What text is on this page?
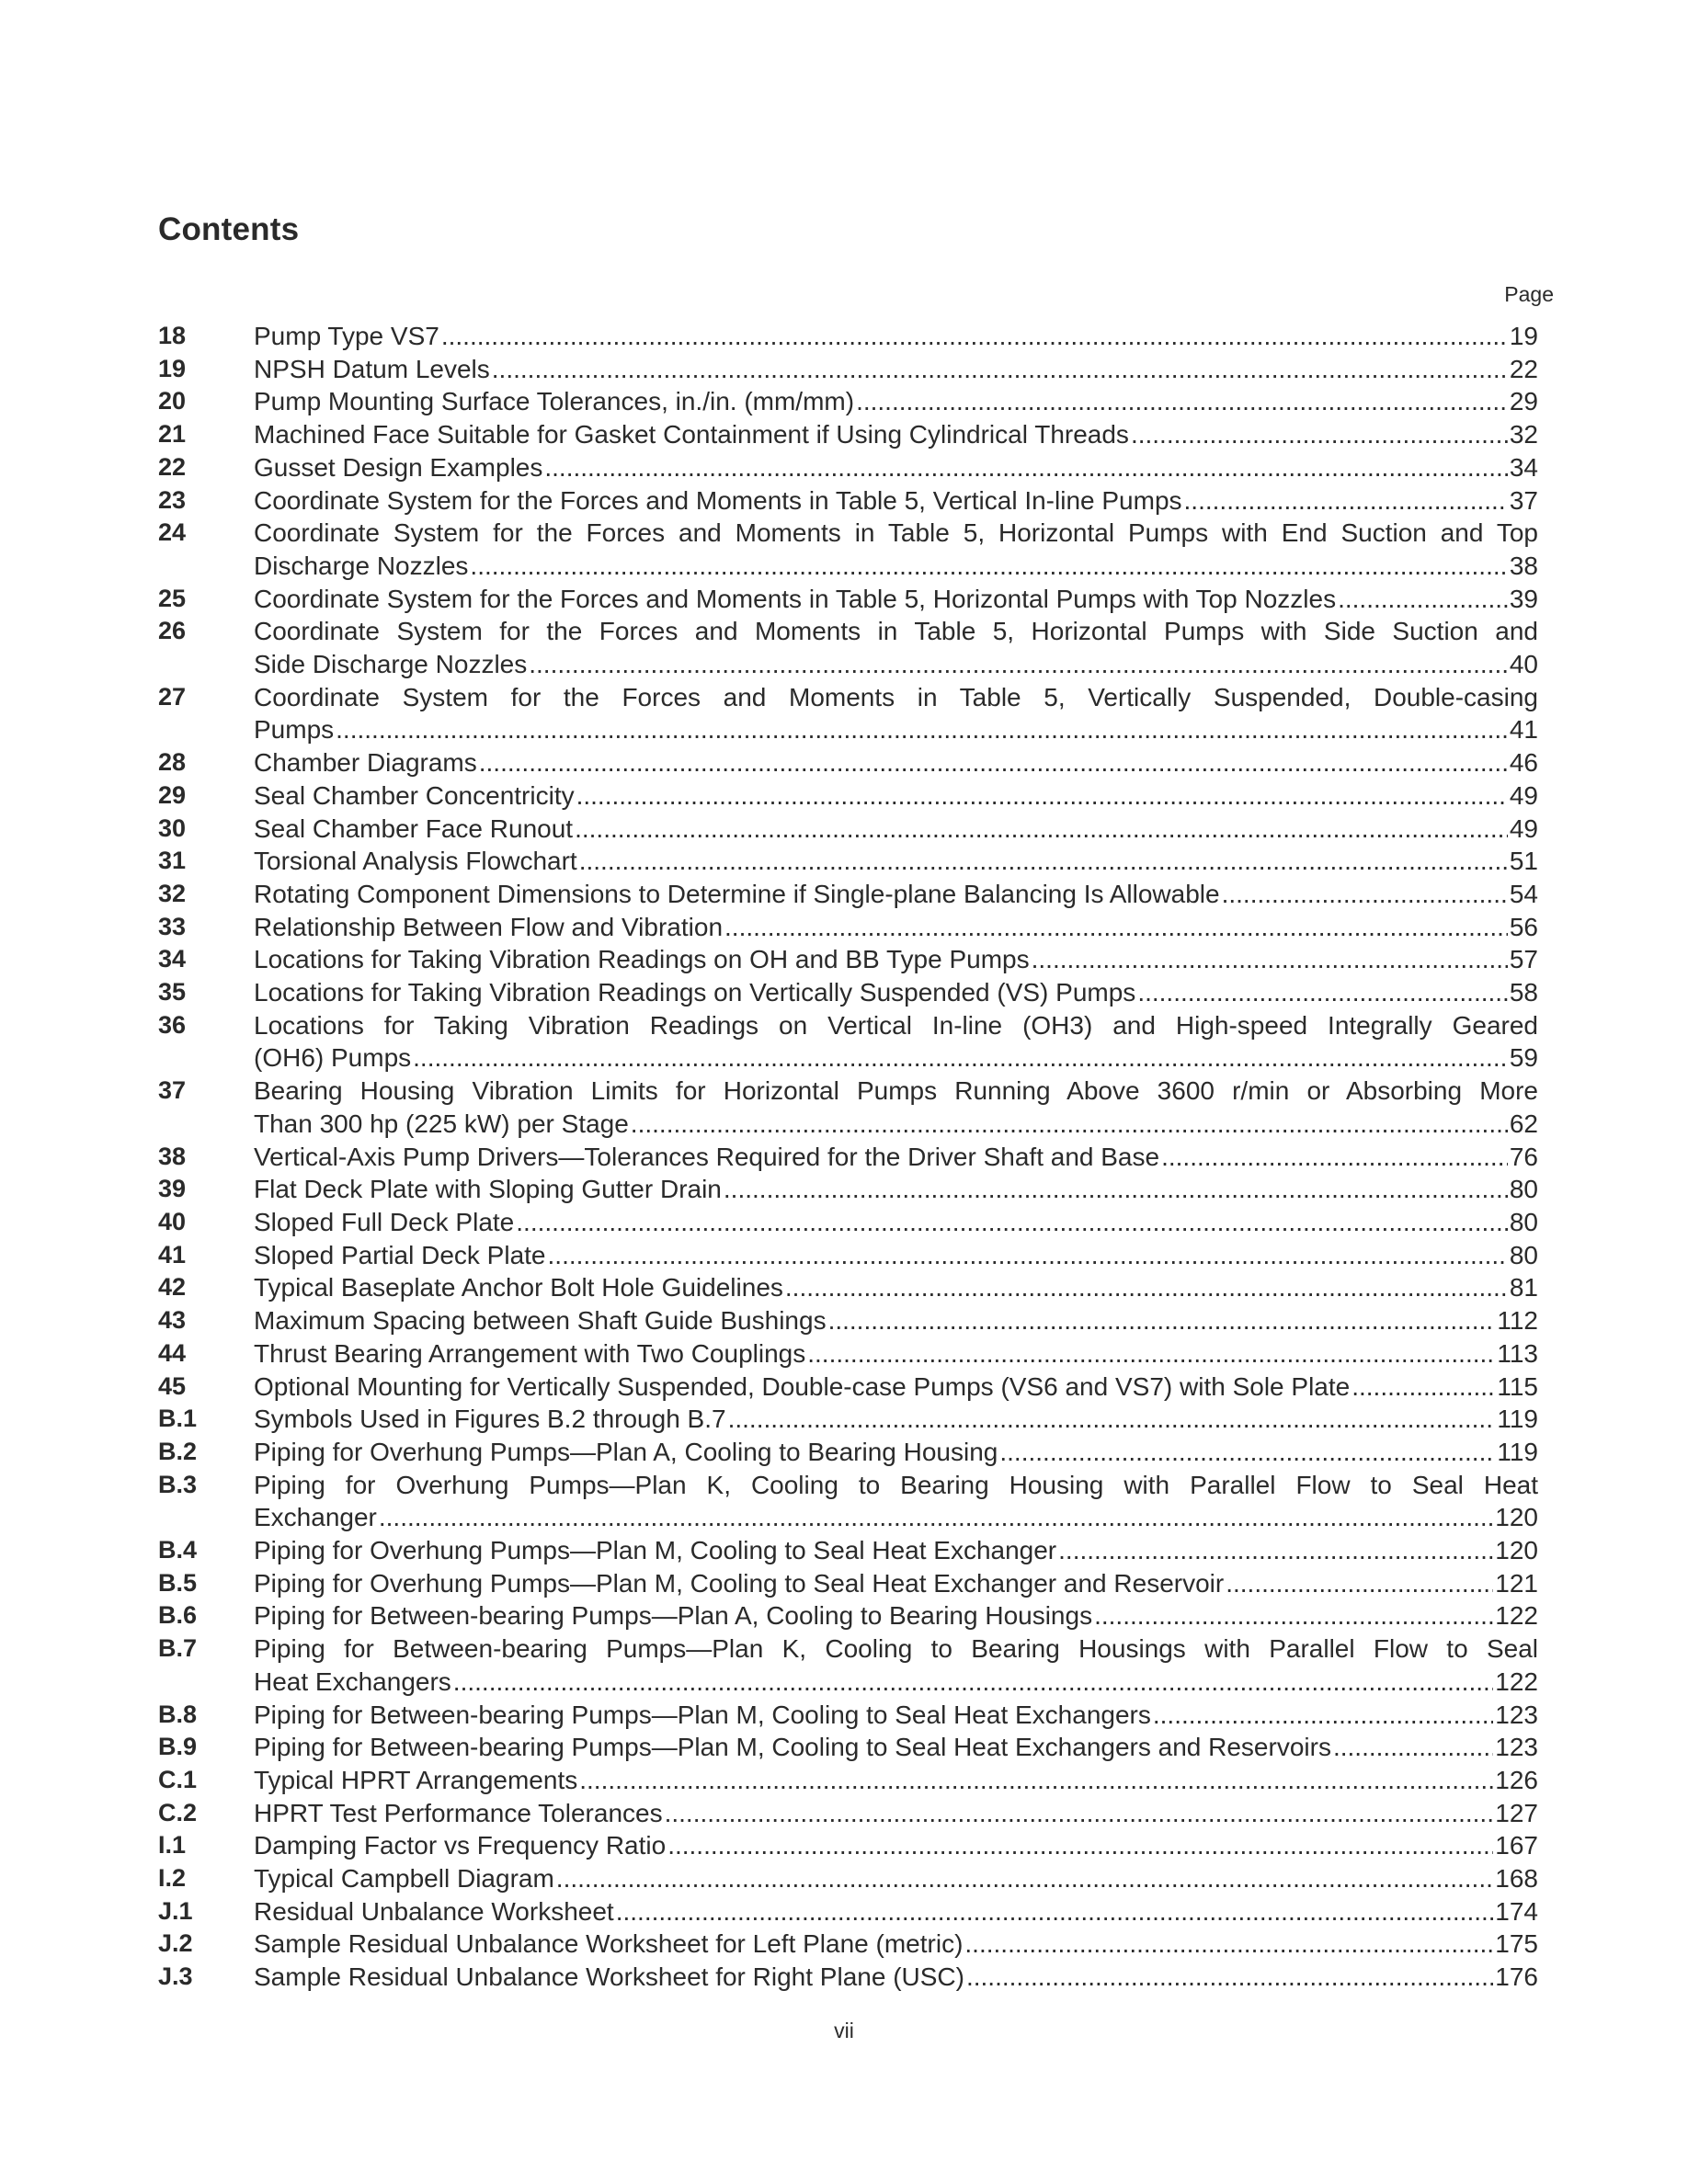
Contents
Page
18	Pump Type VS7 .....	19
19	NPSH Datum Levels .....	22
20	Pump Mounting Surface Tolerances, in./in. (mm/mm) .....	29
21	Machined Face Suitable for Gasket Containment if Using Cylindrical Threads .....	32
22	Gusset Design Examples .....	34
23	Coordinate System for the Forces and Moments in Table 5, Vertical In-line Pumps .....	37
24	Coordinate System for the Forces and Moments in Table 5, Horizontal Pumps with End Suction and Top
Discharge Nozzles .....	38
25	Coordinate System for the Forces and Moments in Table 5, Horizontal Pumps with Top Nozzles .....	39
26	Coordinate System for the Forces and Moments in Table 5, Horizontal Pumps with Side Suction and
Side Discharge Nozzles .....	40
27	Coordinate System for the Forces and Moments in Table 5, Vertically Suspended, Double-casing
Pumps .....	41
28	Chamber Diagrams .....	46
29	Seal Chamber Concentricity .....	49
30	Seal Chamber Face Runout .....	49
31	Torsional Analysis Flowchart .....	51
32	Rotating Component Dimensions to Determine if Single-plane Balancing Is Allowable .....	54
33	Relationship Between Flow and Vibration .....	56
34	Locations for Taking Vibration Readings on OH and BB Type Pumps .....	57
35	Locations for Taking Vibration Readings on Vertically Suspended (VS) Pumps .....	58
36	Locations for Taking Vibration Readings on Vertical In-line (OH3) and High-speed Integrally Geared
(OH6) Pumps .....	59
37	Bearing Housing Vibration Limits for Horizontal Pumps Running Above 3600 r/min or Absorbing More
Than 300 hp (225 kW) per Stage .....	62
38	Vertical-Axis Pump Drivers—Tolerances Required for the Driver Shaft and Base .....	76
39	Flat Deck Plate with Sloping Gutter Drain .....	80
40	Sloped Full Deck Plate .....	80
41	Sloped Partial Deck Plate .....	80
42	Typical Baseplate Anchor Bolt Hole Guidelines .....	81
43	Maximum Spacing between Shaft Guide Bushings .....	112
44	Thrust Bearing Arrangement with Two Couplings .....	113
45	Optional Mounting for Vertically Suspended, Double-case Pumps (VS6 and VS7) with Sole Plate .....	115
B.1 Symbols Used in Figures B.2 through B.7 .....	119
B.2 Piping for Overhung Pumps—Plan A, Cooling to Bearing Housing .....	119
B.3 Piping for Overhung Pumps—Plan K, Cooling to Bearing Housing with Parallel Flow to Seal Heat
Exchanger .....	120
B.4 Piping for Overhung Pumps—Plan M, Cooling to Seal Heat Exchanger .....	120
B.5 Piping for Overhung Pumps—Plan M, Cooling to Seal Heat Exchanger and Reservoir .....	121
B.6 Piping for Between-bearing Pumps—Plan A, Cooling to Bearing Housings .....	122
B.7 Piping for Between-bearing Pumps—Plan K, Cooling to Bearing Housings with Parallel Flow to Seal
Heat Exchangers .....	122
B.8 Piping for Between-bearing Pumps—Plan M, Cooling to Seal Heat Exchangers .....	123
B.9 Piping for Between-bearing Pumps—Plan M, Cooling to Seal Heat Exchangers and Reservoirs .....	123
C.1 Typical HPRT Arrangements .....	126
C.2 HPRT Test Performance Tolerances .....	127
I.1	Damping Factor vs Frequency Ratio .....	167
I.2	Typical Campbell Diagram .....	168
J.1 Residual Unbalance Worksheet .....	174
J.2 Sample Residual Unbalance Worksheet for Left Plane (metric) .....	175
J.3 Sample Residual Unbalance Worksheet for Right Plane (USC) .....	176
vii
